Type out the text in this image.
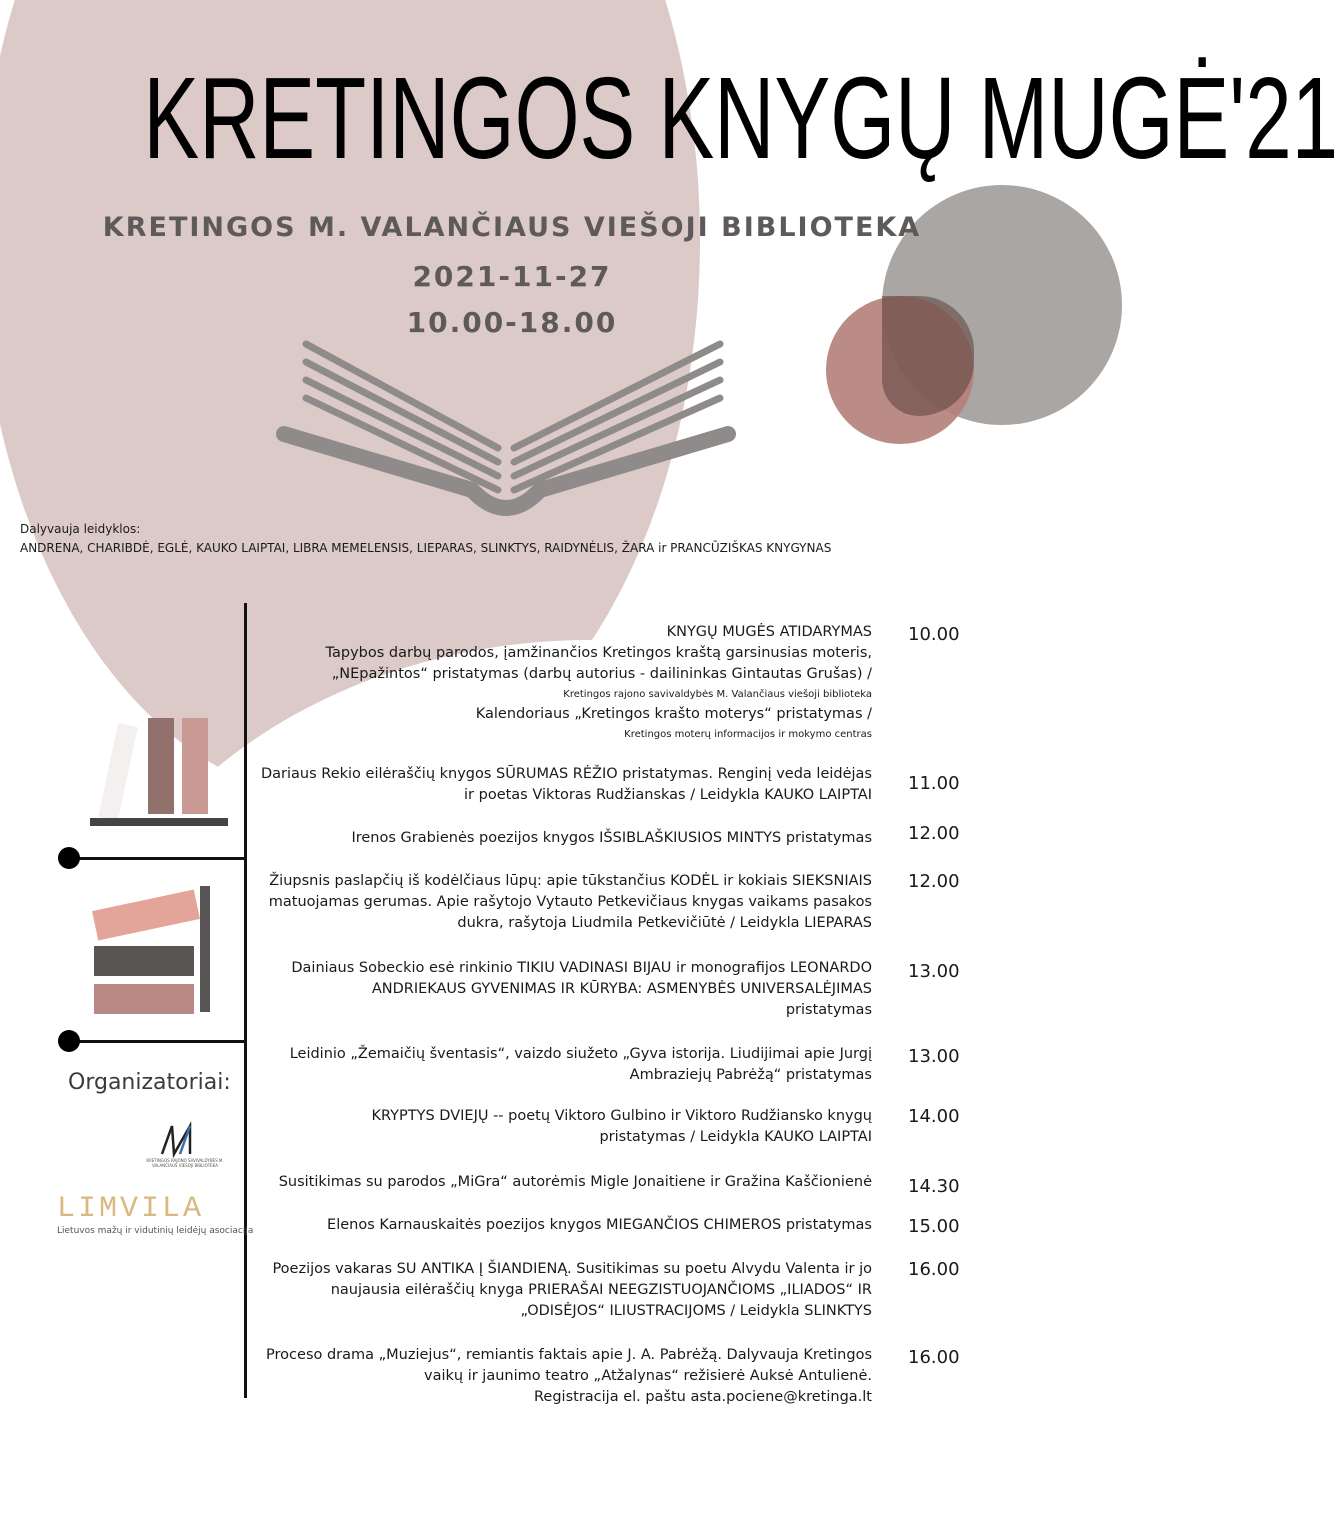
KRETINGOS KNYGŲ MUGĖ'21
KRETINGOS M. VALANČIAUS VIEŠOJI BIBLIOTEKA
2021-11-27
10.00-18.00
Dalyvauja leidyklos:
ANDRENA, CHARIBDĖ, EGLĖ, KAUKO LAIPTAI, LIBRA MEMELENSIS, LIEPARAS, SLINKTYS, RAIDYNĖLIS, ŽARA ir PRANCŪZIŠKAS KNYGYNAS
KNYGŲ MUGĖS ATIDARYMAS
Tapybos darbų parodos, įamžinančios Kretingos kraštą garsinusias moteris,
„NEpažintos“ pristatymas (darbų autorius - dailininkas Gintautas Grušas) /
Kretingos rajono savivaldybės M. Valančiaus viešoji biblioteka
Kalendoriaus „Kretingos krašto moterys“ pristatymas /
Kretingos moterų informacijos ir mokymo centras
10.00
Dariaus Rekio eilėraščių knygos SŪRUMAS RĖŽIO pristatymas. Renginį veda leidėjas
ir poetas Viktoras Rudžianskas / Leidykla KAUKO LAIPTAI
11.00
Irenos Grabienės poezijos knygos IŠSIBLAŠKIUSIOS MINTYS pristatymas 12.00
Žiupsnis paslapčių iš kodėlčiaus lūpų: apie tūkstančius KODĖL ir kokiais SIEKSNIAIS
matuojamas gerumas. Apie rašytojo Vytauto Petkevičiaus knygas vaikams pasakos
dukra, rašytoja Liudmila Petkevičiūtė / Leidykla LIEPARAS
12.00
Dainiaus Sobeckio esė rinkinio TIKIU VADINASI BIJAU ir monografijos LEONARDO
ANDRIEKAUS GYVENIMAS IR KŪRYBA: ASMENYBĖS UNIVERSALĖJIMAS
pristatymas
13.00
Leidinio „Žemaičių šventasis“, vaizdo siužeto „Gyva istorija. Liudijimai apie Jurgį
Ambraziejų Pabrėžą“ pristatymas
13.00
KRYPTYS DVIEJŲ -- poetų Viktoro Gulbino ir Viktoro Rudžiansko knygų
pristatymas / Leidykla KAUKO LAIPTAI
14.00
Susitikimas su parodos „MiGra“ autorėmis Migle Jonaitiene ir Gražina Kaščionienė 14.30
Elenos Karnauskaitės poezijos knygos MIEGANČIOS CHIMEROS pristatymas 15.00
Poezijos vakaras SU ANTIKA Į ŠIANDIENĄ. Susitikimas su poetu Alvydu Valenta ir jo
naujausia eilėraščių knyga PRIERAŠAI NEEGZISTUOJANČIOMS „ILIADOS“ IR
„ODISĖJOS“ ILIUSTRACIJOMS / Leidykla SLINKTYS
16.00
Proceso drama „Muziejus“, remiantis faktais apie J. A. Pabrėžą. Dalyvauja Kretingos
vaikų ir jaunimo teatro „Atžalynas“ režisierė Auksė Antulienė.
Registracija el. paštu asta.pociene@kretinga.lt
16.00
Organizatoriai:
KRETINGOS RAJONO SAVIVALDYBĖS M. VALANČIAUS VIEŠOJI BIBLIOTEKA
LIMVILA
Lietuvos mažų ir vidutinių leidėjų asociacija
